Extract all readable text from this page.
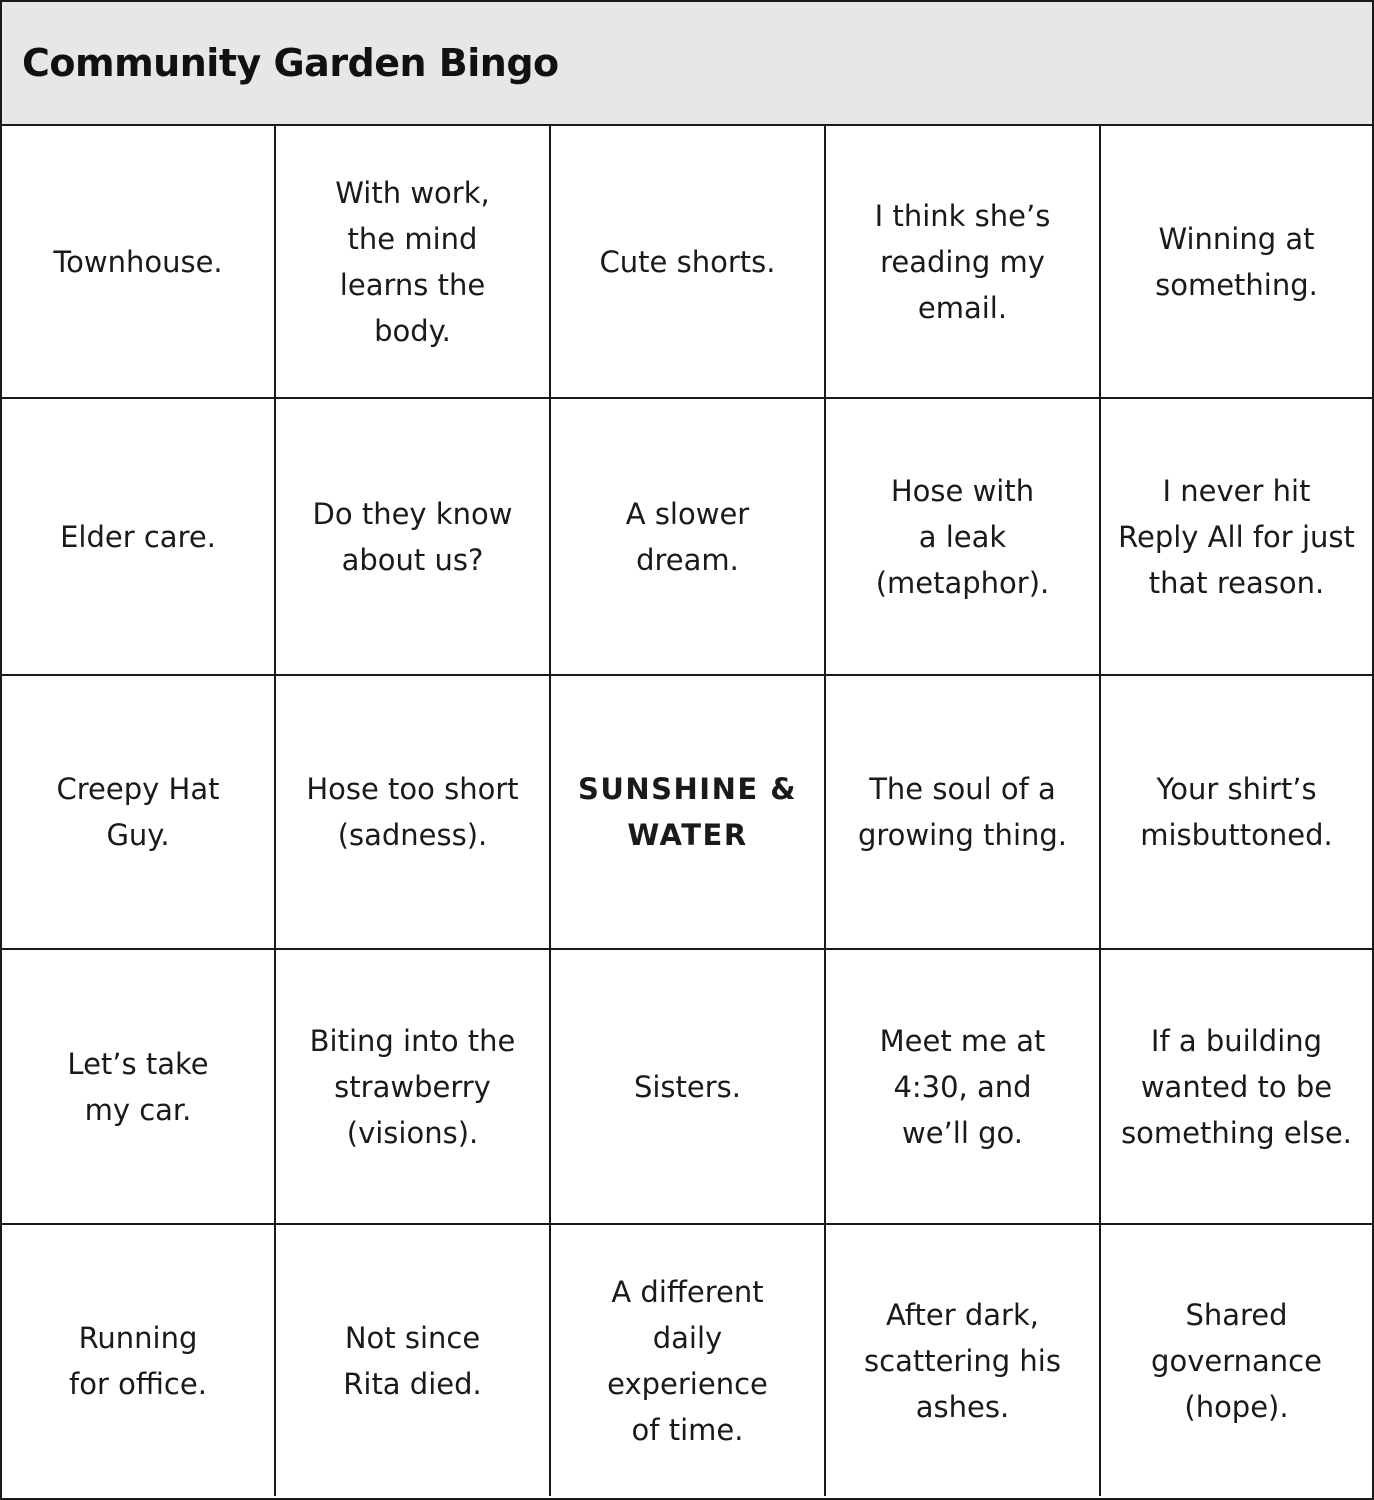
Community Garden Bingo
Townhouse.
With work,
the mind
learns the
body.
Cute shorts.
I think she’s
reading my
email.
Winning at
something.
Elder care.
Do they know
about us?
A slower
dream.
Hose with
a leak
(metaphor).
I never hit
Reply All for just
that reason.
Creepy Hat
Guy.
Hose too short
(sadness).
SUNSHINE &
WATER
The soul of a
growing thing.
Your shirt’s
misbuttoned.
Let’s take
my car.
Biting into the
strawberry
(visions).
Sisters.
Meet me at
4:30, and
we’ll go.
If a building
wanted to be
something else.
Running
for office.
Not since
Rita died.
A different
daily
experience
of time.
After dark,
scattering his
ashes.
Shared
governance
(hope).
